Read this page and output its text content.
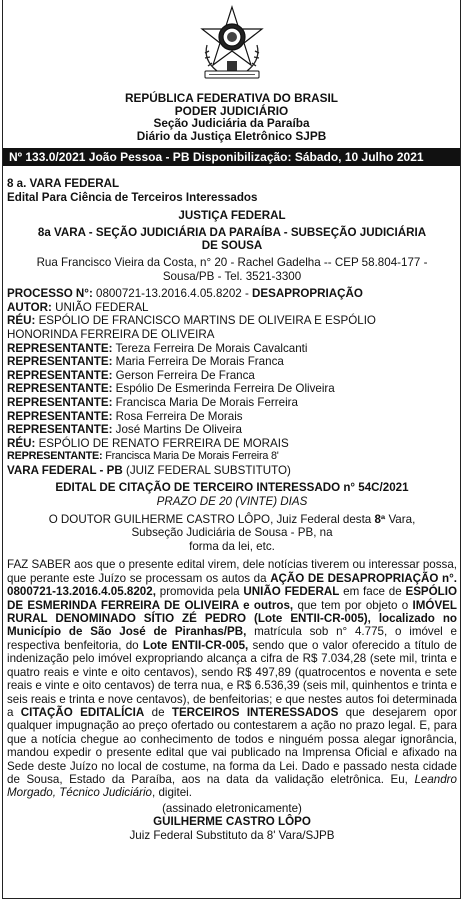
REPÚBLICA FEDERATIVA DO BRASIL
PODER JUDICIÁRIO
Seção Judiciária da Paraíba
Diário da Justiça Eletrônico SJPB
Nº 133.0/2021 João Pessoa - PB Disponibilização: Sábado, 10 Julho 2021
8 a. VARA FEDERAL
Edital Para Ciência de Terceiros Interessados
JUSTIÇA FEDERAL
8a VARA - SEÇÃO JUDICIÁRIA DA PARAÍBA - SUBSEÇÃO JUDICIÁRIA
DE SOUSA
Rua Francisco Vieira da Costa, n° 20 - Rachel Gadelha -- CEP 58.804-177 -
Sousa/PB - Tel. 3521-3300
PROCESSO N°: 0800721-13.2016.4.05.8202 - DESAPROPRIAÇÃO
AUTOR: UNIÃO FEDERAL
RÉU: ESPÓLIO DE FRANCISCO MARTINS DE OLIVEIRA E ESPÓLIO
HONORINDA FERREIRA DE OLIVEIRA
REPRESENTANTE: Tereza Ferreira De Morais Cavalcanti
REPRESENTANTE: Maria Ferreira De Morais Franca
REPRESENTANTE: Gerson Ferreira De Franca
REPRESENTANTE: Espólio De Esmerinda Ferreira De Oliveira
REPRESENTANTE: Francisca Maria De Morais Ferreira
REPRESENTANTE: Rosa Ferreira De Morais
REPRESENTANTE: José Martins De Oliveira
RÉU: ESPÓLIO DE RENATO FERREIRA DE MORAIS
REPRESENTANTE: Francisca Maria De Morais Ferreira 8'
VARA FEDERAL - PB (JUIZ FEDERAL SUBSTITUTO)
EDITAL DE CITAÇÃO DE TERCEIRO INTERESSADO n° 54C/2021
PRAZO DE 20 (VINTE) DIAS
O DOUTOR GUILHERME CASTRO LÔPO, Juiz Federal desta 8ª Vara,
Subseção Judiciária de Sousa - PB, na
forma da lei, etc.
FAZ SABER aos que o presente edital virem, dele notícias tiverem ou interessar possa, que perante este Juízo se processam os autos da AÇÃO DE DESAPROPRIAÇÃO n°. 0800721-13.2016.4.05.8202, promovida pela UNIÃO FEDERAL em face de ESPÓLIO DE ESMERINDA FERREIRA DE OLIVEIRA e outros, que tem por objeto o IMÓVEL RURAL DENOMINADO SÍTIO ZÉ PEDRO (Lote ENTII-CR-005), localizado no Município de São José de Piranhas/PB, matrícula sob n° 4.775, o imóvel e respectiva benfeitoria, do Lote ENTII-CR-005, sendo que o valor oferecido a título de indenização pelo imóvel expropriando alcança a cifra de R$ 7.034,28 (sete mil, trinta e quatro reais e vinte e oito centavos), sendo R$ 497,89 (quatrocentos e noventa e sete reais e vinte e oito centavos) de terra nua, e R$ 6.536,39 (seis mil, quinhentos e trinta e seis reais e trinta e nove centavos), de benfeitorias; e que nestes autos foi determinada a CITAÇÃO EDITALÍCIA de TERCEIROS INTERESSADOS que desejarem opor qualquer impugnação ao preço ofertado ou contestarem a ação no prazo legal. E, para que a notícia chegue ao conhecimento de todos e ninguém possa alegar ignorância, mandou expedir o presente edital que vai publicado na Imprensa Oficial e afixado na Sede deste Juízo no local de costume, na forma da Lei. Dado e passado nesta cidade de Sousa, Estado da Paraíba, aos na data da validação eletrônica. Eu, Leandro Morgado, Técnico Judiciário, digitei.
(assinado eletronicamente)
GUILHERME CASTRO LÔPO
Juiz Federal Substituto da 8' Vara/SJPB
